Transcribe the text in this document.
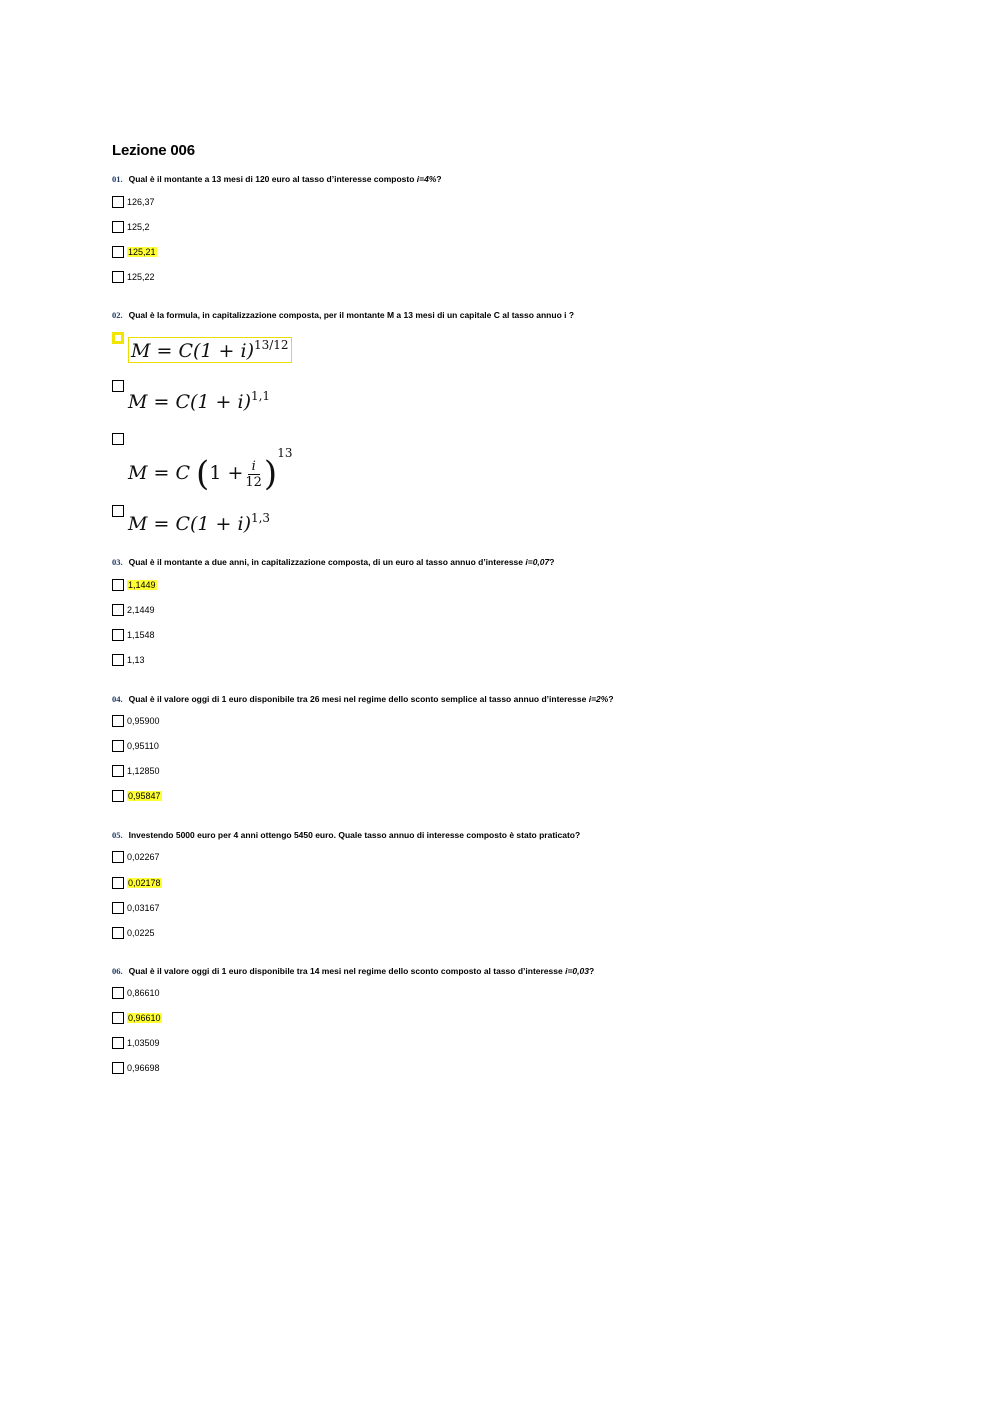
Lezione 006
01. Qual è il montante a 13 mesi di 120 euro al tasso d’interesse composto i=4%?
126,37
125,2
125,21
125,22
02. Qual è la formula, in capitalizzazione composta, per il montante M a 13 mesi di un capitale C al tasso annuo i ?
$M = C(1 + i)^{13/12}$
$M = C(1 + i)^{1,1}$
M = C $(1 + \frac{i}{12} )^{13}$
$M = C(1 + i)^{1,3}$
03. Qual è il montante a due anni, in capitalizzazione composta, di un euro al tasso annuo d’interesse i=0,07?
1,1449
2,1449
1,1548
1,13
04. Qual è il valore oggi di 1 euro disponibile tra 26 mesi nel regime dello sconto semplice al tasso annuo d’interesse i=2%?
0,95900
0,95110
1,12850
0,95847
05. Investendo 5000 euro per 4 anni ottengo 5450 euro. Quale tasso annuo di interesse composto è stato praticato?
0,02267
0,02178
0,03167
0,0225
06. Qual è il valore oggi di 1 euro disponibile tra 14 mesi nel regime dello sconto composto al tasso d’interesse i=0,03?
0,86610
0,96610
1,03509
0,96698
